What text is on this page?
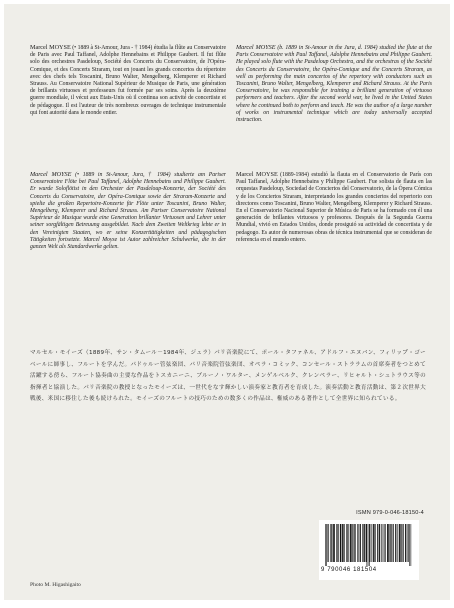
Marcel MOYSE (• 1889 à St-Amour, Jura - † 1984) étudia la flûte au Conservatoire de Paris avec Paul Taffanel, Adolphe Hennebains et Philippe Gaubert. Il fut flûte solo des orchestres Pasdeloup, Société des Concerts du Conservatoire, de l'Opéra-Comique, et des Concerts Straram, tout en jouant les grands concertos du répertoire avec des chefs tels Toscanini, Bruno Walter, Mengelberg, Klemperer et Richard Strauss. Au Conservatoire National Supérieur de Musique de Paris, une génération de brillants virtuoses et professeurs fut formée par ses soins. Après la deuxième guerre mondiale, il vécut aux Etats-Unis où il continua son activité de concertiste et de pédagogue. Il est l'auteur de très nombreux ouvrages de technique instrumentale qui font autorité dans le monde entier.
Marcel MOYSE (b. 1889 in St-Amour in the Jura, d. 1984) studied the flute at the Paris Conservatoire with Paul Taffanel, Adolphe Hennebains and Philippe Gaubert. He played solo flute with the Pasdeloup Orchestra, and the orchestras of the Société des Concerts du Conservatoire, the Opéra-Comique and the Concerts Straram, as well as performing the main concertos of the repertory with conductors such as Toscanini, Bruno Walter, Mengelberg, Klemperer and Richard Strauss. At the Paris Conservatoire, he was responsible for training a brilliant generation of virtuoso performers and teachers. After the second world war, he lived in the United States where he continued both to perform and teach. He was the author of a large number of works on instrumental technique which are today universally accepted instruction.
Marcel MOYSE (• 1889 in St-Amour, Jura, † 1984) studierte am Pariser Conservatoire Flöte bei Paul Taffanel, Adolphe Hennebains und Philippe Gaubert. Er wurde Soloflötist in den Orchester der Pasdeloup-Konzerte, der Société des Concerts du Conservatoire, der Opéra-Comique sowie der Straram-Konzerte und spielte die großen Repertoire-Konzerte für Flöte unter Toscanini, Bruno Walter, Mengelberg, Klemperer und Richard Strauss. Am Pariser Conservatoire National Supérieur de Musique wurde eine Generation brillanter Virtuosen und Lehrer unter seiner sorgfältigen Betreuung ausgebildet. Nach dem Zweiten Weltkrieg lebte er in den Vereinigten Staaten, wo er seine Konzerttätigkeiten und pädagogischen Tätigkeiten fortsetzte. Marcel Moyse ist Autor zahlreicher Schulwerke, die in der ganzen Welt als Standardwerke gelten.
Marcel MOYSE (1889-1984) estudió la flauta en el Conservatorio de París con Paul Taffanel, Adolphe Hennebains y Philippe Gaubert. Fue solista de flauta en las orquestas Pasdeloup, Sociedad de Conciertos del Conservatorio, de la Ópera Cómica y de los Conciertos Straram, interpretando los grandes conciertos del repertorio con directores como Toscanini, Bruno Walter, Mengelberg, Klemperer y Richard Strauss. En el Conservatorio Nacional Superior de Música de Paris se ha formado con él una generación de brillantes virtuosos y profesores. Después de la Segunda Guerra Mundial, vivió en Estados Unidos, donde prosiguió su actividad de concertista y de pedagogo. Es autor de numerosas obras de técnica instrumental que se consideran de referencia en el mundo entero.
マルセル・モイーズ（1889年、サン・タムール－1984年、ジュラ）パリ音楽院にて、ポール・タファネル、アドルフ・エヌバン、フィリップ・ゴーベールに師事し、フルートを学んだ。パドゥルー管弦楽団、パリ音楽院管弦楽団、オペラ・コミック、コンセール・ストララムの首席奏者をつとめて活躍する傍ら、フルート協奏曲の主要な作品をトスカニーニ、ブルーノ・ワルター、メンゲルベルク、クレンペラー、リヒャルト・シュトラウス等の指揮者と協演した。パリ音楽院の教授となったモイーズは、一世代をなす輝かしい演奏家と教育者を育成した。演奏活動と教育活動は、第２次世界大戦後、米国に移住した後も続けられた。モイーズのフルートの技巧のための数多くの作品は、権威のある著作として全世界に知られている。
ISMN 979-0-046-18150-4
9 790046 181504
Photo M. Higashigaito
